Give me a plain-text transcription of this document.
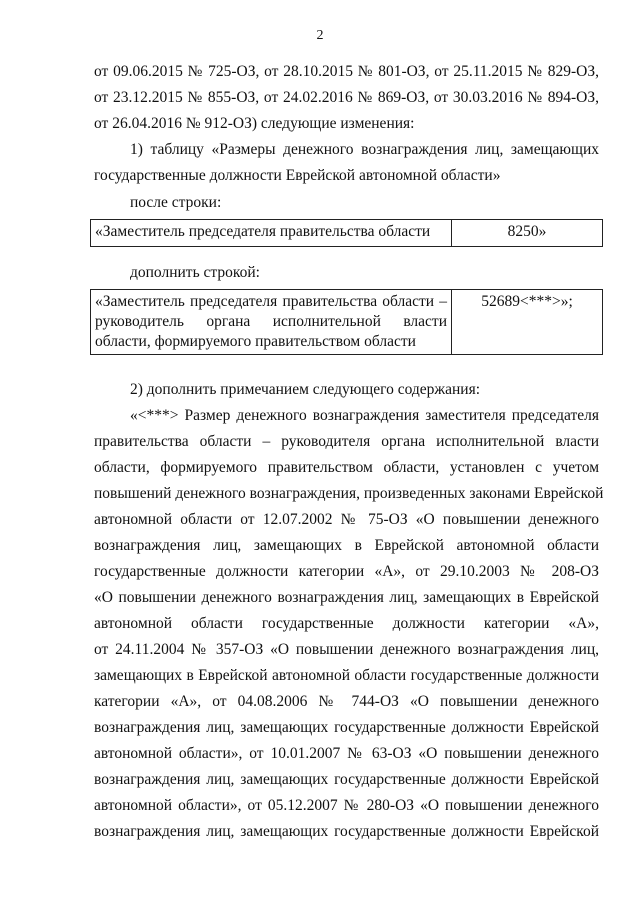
2
от 09.06.2015 № 725-ОЗ, от 28.10.2015 № 801-ОЗ, от 25.11.2015 № 829-ОЗ,
от 23.12.2015 № 855-ОЗ, от 24.02.2016 № 869-ОЗ, от 30.03.2016 № 894-ОЗ,
от 26.04.2016 № 912-ОЗ) следующие изменения:
1) таблицу «Размеры денежного вознаграждения лиц, замещающих
государственные должности Еврейской автономной области»
после строки:
«Заместитель председателя правительства области	8250»
дополнить строкой:
«Заместитель председателя правительства области –
руководитель органа исполнительной власти
области, формируемого правительством области
	52689<***>»;
2) дополнить примечанием следующего содержания:
«<***> Размер денежного вознаграждения заместителя председателя
правительства области – руководителя органа исполнительной власти
области, формируемого правительством области, установлен с учетом
повышений денежного вознаграждения, произведенных законами Еврейской
автономной области от 12.07.2002 № 75-ОЗ «О повышении денежного
вознаграждения лиц, замещающих в Еврейской автономной области
государственные должности категории «А», от 29.10.2003 № 208-ОЗ
«О повышении денежного вознаграждения лиц, замещающих в Еврейской
автономной области государственные должности категории «А»,
от 24.11.2004 № 357-ОЗ «О повышении денежного вознаграждения лиц,
замещающих в Еврейской автономной области государственные должности
категории «А», от 04.08.2006 № 744-ОЗ «О повышении денежного
вознаграждения лиц, замещающих государственные должности Еврейской
автономной области», от 10.01.2007 № 63-ОЗ «О повышении денежного
вознаграждения лиц, замещающих государственные должности Еврейской
автономной области», от 05.12.2007 № 280-ОЗ «О повышении денежного
вознаграждения лиц, замещающих государственные должности Еврейской
